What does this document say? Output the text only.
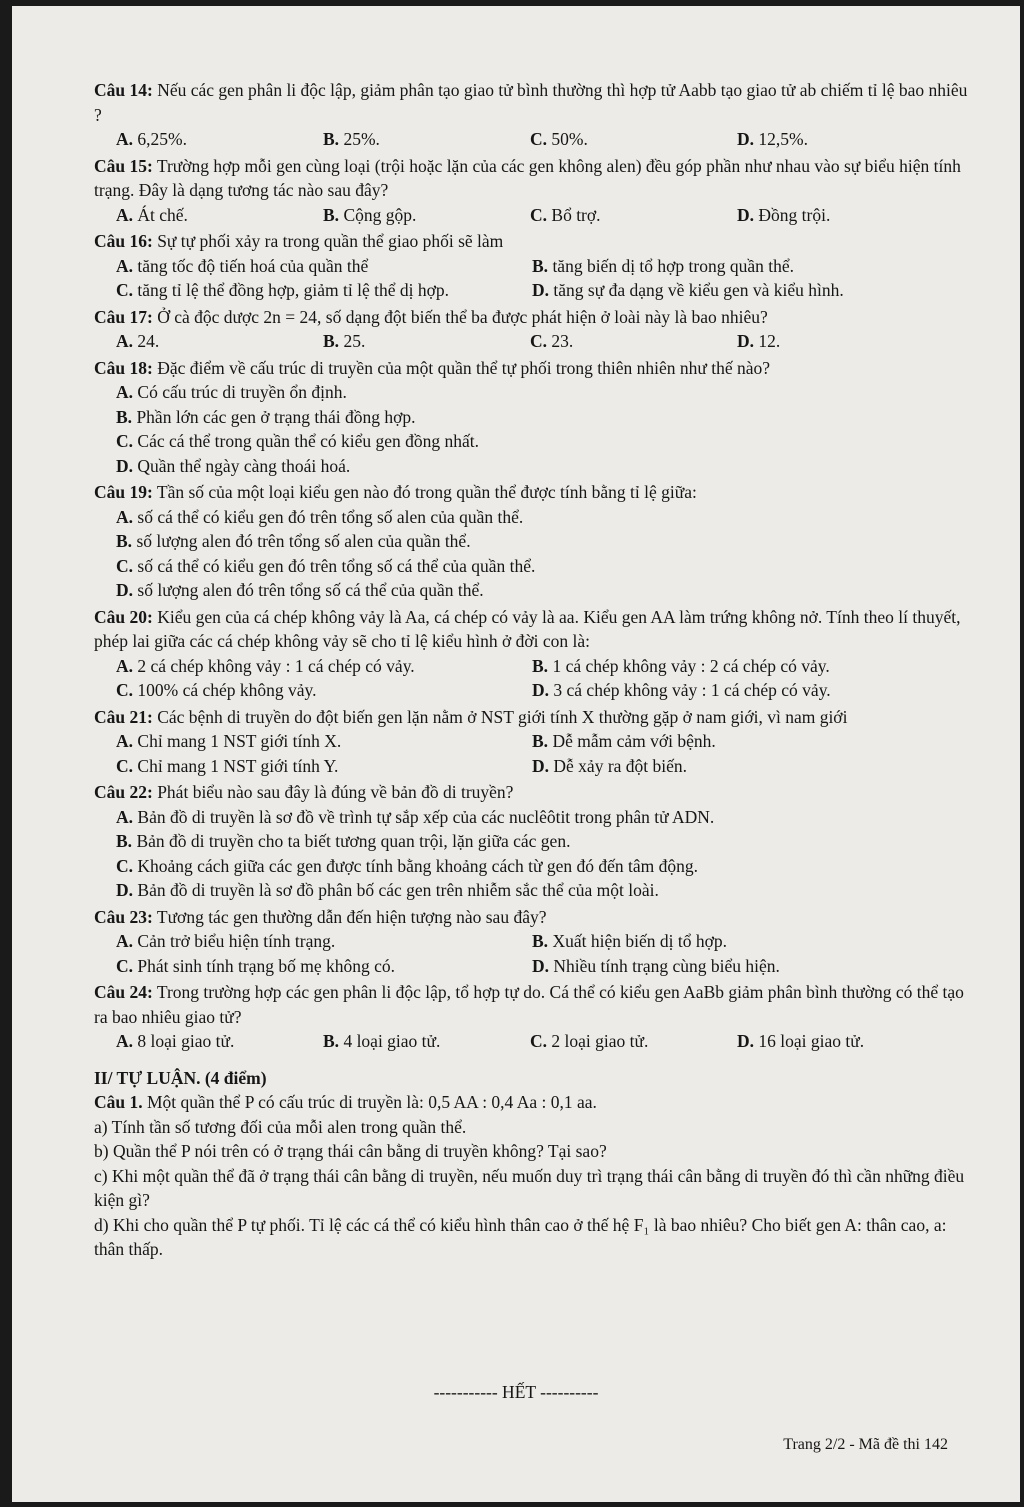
Câu 14: Nếu các gen phân li độc lập, giảm phân tạo giao tử bình thường thì hợp tử Aabb tạo giao tử ab chiếm tỉ lệ bao nhiêu ?

A. 6,25%.	B. 25%.	C. 50%.	D. 12,5%.

Câu 15: Trường hợp mỗi gen cùng loại (trội hoặc lặn của các gen không alen) đều góp phần như nhau vào sự biểu hiện tính trạng. Đây là dạng tương tác nào sau đây?

A. Át chế.	B. Cộng gộp.	C. Bổ trợ.	D. Đồng trội.

Câu 16: Sự tự phối xảy ra trong quần thể giao phối sẽ làm

A. tăng tốc độ tiến hoá của quần thể	B. tăng biến dị tổ hợp trong quần thể.
C. tăng tỉ lệ thể đồng hợp, giảm tỉ lệ thể dị hợp.	D. tăng sự đa dạng về kiểu gen và kiểu hình.

Câu 17: Ở cà độc dược 2n = 24, số dạng đột biến thể ba được phát hiện ở loài này là bao nhiêu?

A. 24.	B. 25.	C. 23.	D. 12.

Câu 18: Đặc điểm về cấu trúc di truyền của một quần thể tự phối trong thiên nhiên như thế nào?

A. Có cấu trúc di truyền ổn định.
B. Phần lớn các gen ở trạng thái đồng hợp.
C. Các cá thể trong quần thể có kiểu gen đồng nhất.
D. Quần thể ngày càng thoái hoá.

Câu 19: Tần số của một loại kiểu gen nào đó trong quần thể được tính bằng tỉ lệ giữa:

A. số cá thể có kiểu gen đó trên tổng số alen của quần thể.
B. số lượng alen đó trên tổng số alen của quần thể.
C. số cá thể có kiểu gen đó trên tổng số cá thể của quần thể.
D. số lượng alen đó trên tổng số cá thể của quần thể.

Câu 20: Kiểu gen của cá chép không vảy là Aa, cá chép có vảy là aa. Kiểu gen AA làm trứng không nở. Tính theo lí thuyết, phép lai giữa các cá chép không vảy sẽ cho tỉ lệ kiểu hình ở đời con là:

A. 2 cá chép không vảy : 1 cá chép có vảy.	B. 1 cá chép không vảy : 2 cá chép có vảy.
C. 100% cá chép không vảy.	D. 3 cá chép không vảy : 1 cá chép có vảy.

Câu 21: Các bệnh di truyền do đột biến gen lặn nằm ở NST giới tính X thường gặp ở nam giới, vì nam giới

A. Chỉ mang 1 NST giới tính X.	B. Dễ mẫm cảm với bệnh.
C. Chỉ mang 1 NST giới tính Y.	D. Dễ xảy ra đột biến.

Câu 22: Phát biểu nào sau đây là đúng về bản đồ di truyền?

A. Bản đồ di truyền là sơ đồ về trình tự sắp xếp của các nuclêôtit trong phân tử ADN.
B. Bản đồ di truyền cho ta biết tương quan trội, lặn giữa các gen.
C. Khoảng cách giữa các gen được tính bằng khoảng cách từ gen đó đến tâm động.
D. Bản đồ di truyền là sơ đồ phân bố các gen trên nhiễm sắc thể của một loài.

Câu 23: Tương tác gen thường dẫn đến hiện tượng nào sau đây?

A. Cản trở biểu hiện tính trạng.	B. Xuất hiện biến dị tổ hợp.
C. Phát sinh tính trạng bố mẹ không có.	D. Nhiều tính trạng cùng biểu hiện.

Câu 24: Trong trường hợp các gen phân li độc lập, tổ hợp tự do. Cá thể có kiểu gen AaBb giảm phân bình thường có thể tạo ra bao nhiêu giao tử?

A. 8 loại giao tử.	B. 4 loại giao tử.	C. 2 loại giao tử.	D. 16 loại giao tử.
II/ TỰ LUẬN. (4 điểm)

Câu 1. Một quần thể P có cấu trúc di truyền là: 0,5 AA : 0,4 Aa : 0,1 aa.

a) Tính tần số tương đối của mỗi alen trong quần thể.

b) Quần thể P nói trên có ở trạng thái cân bằng di truyền không? Tại sao?

c) Khi một quần thể đã ở trạng thái cân bằng di truyền, nếu muốn duy trì trạng thái cân bằng di truyền đó thì cần những điều kiện gì?

d) Khi cho quần thể P tự phối. Tỉ lệ các cá thể có kiểu hình thân cao ở thế hệ F₁ là bao nhiêu? Cho biết gen A: thân cao, a: thân thấp.

----------- HẾT ----------
Trang 2/2 - Mã đề thi 142
